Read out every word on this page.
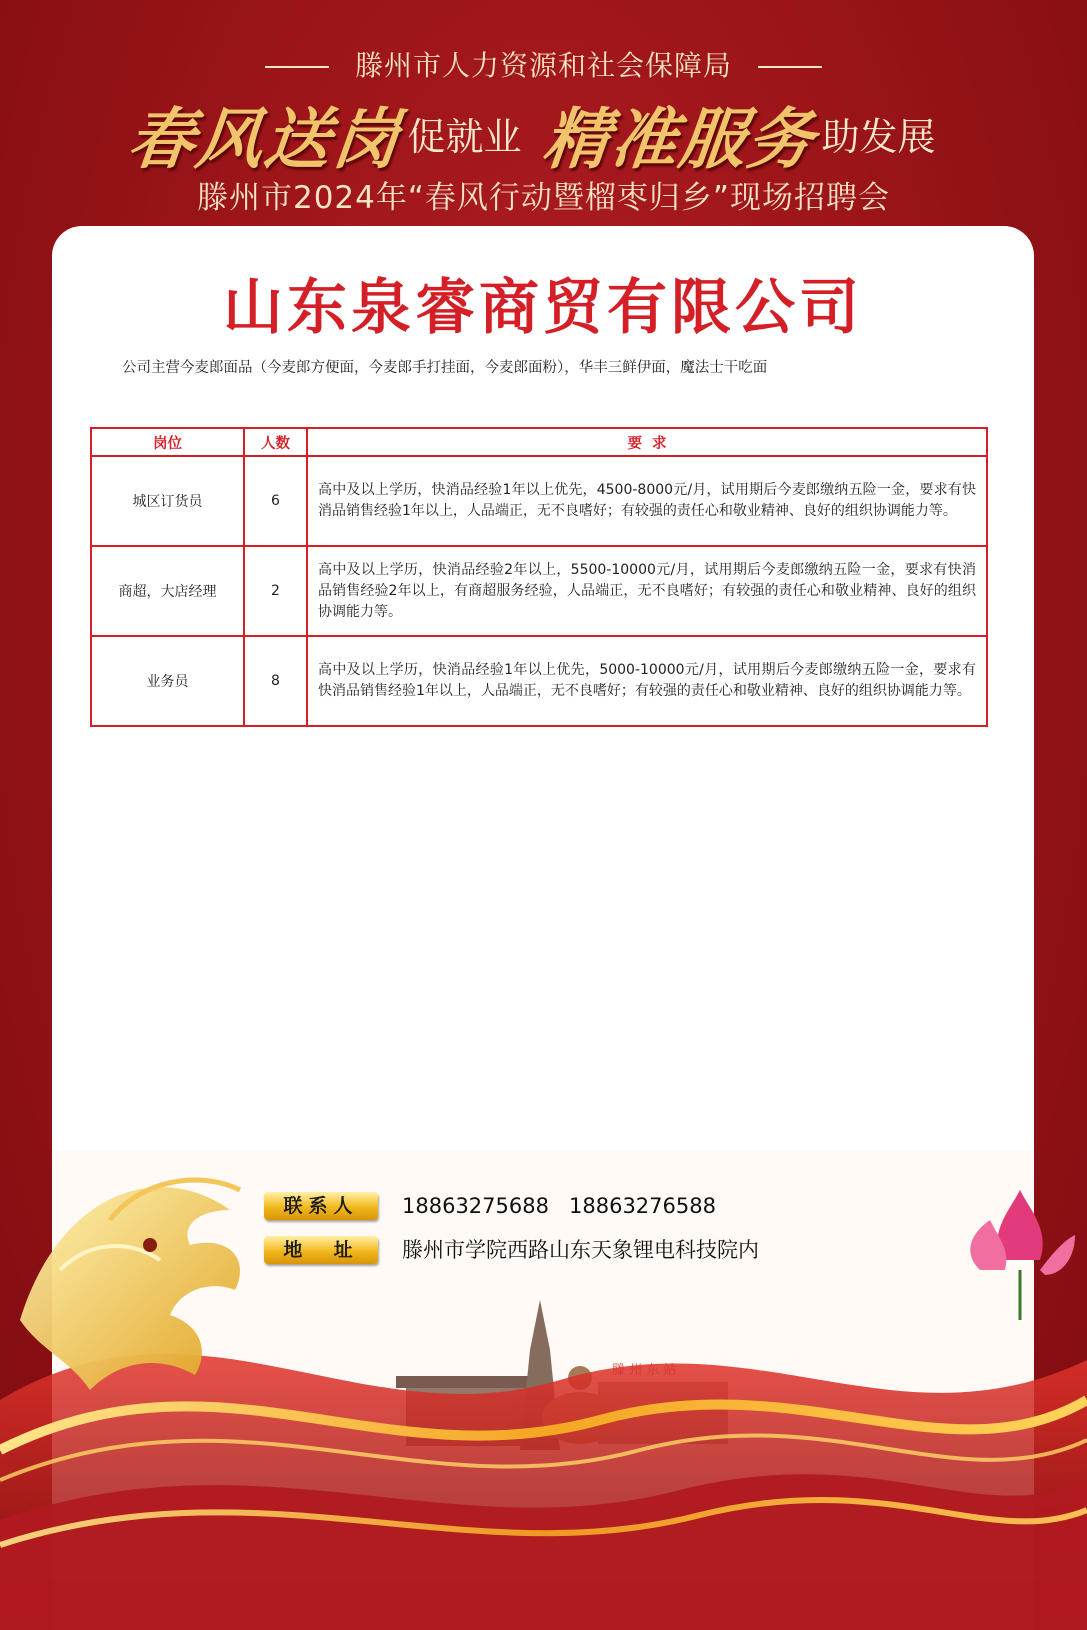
滕州市人力资源和社会保障局
春风送岗促就业 精准服务助发展
滕州市2024年“春风行动暨榴枣归乡”现场招聘会
山东泉睿商贸有限公司
公司主营今麦郎面品（今麦郎方便面，今麦郎手打挂面，今麦郎面粉），华丰三鲜伊面，魔法士干吃面
岗位	人数	要  求
城区订货员	6	高中及以上学历，快消品经验1年以上优先，4500-8000元/月，试用期后今麦郎缴纳五险一金，要求有快消品销售经验1年以上，人品端正，无不良嗜好；有较强的责任心和敬业精神、良好的组织协调能力等。
商超，大店经理	2	高中及以上学历，快消品经验2年以上，5500-10000元/月，试用期后今麦郎缴纳五险一金，要求有快消品销售经验2年以上，有商超服务经验，人品端正，无不良嗜好；有较强的责任心和敬业精神、良好的组织协调能力等。
业务员	8	高中及以上学历，快消品经验1年以上优先，5000-10000元/月，试用期后今麦郎缴纳五险一金，要求有快消品销售经验1年以上，人品端正，无不良嗜好；有较强的责任心和敬业精神、良好的组织协调能力等。
联系人	18863275688   18863276588
地  址	滕州市学院西路山东天象锂电科技院内
